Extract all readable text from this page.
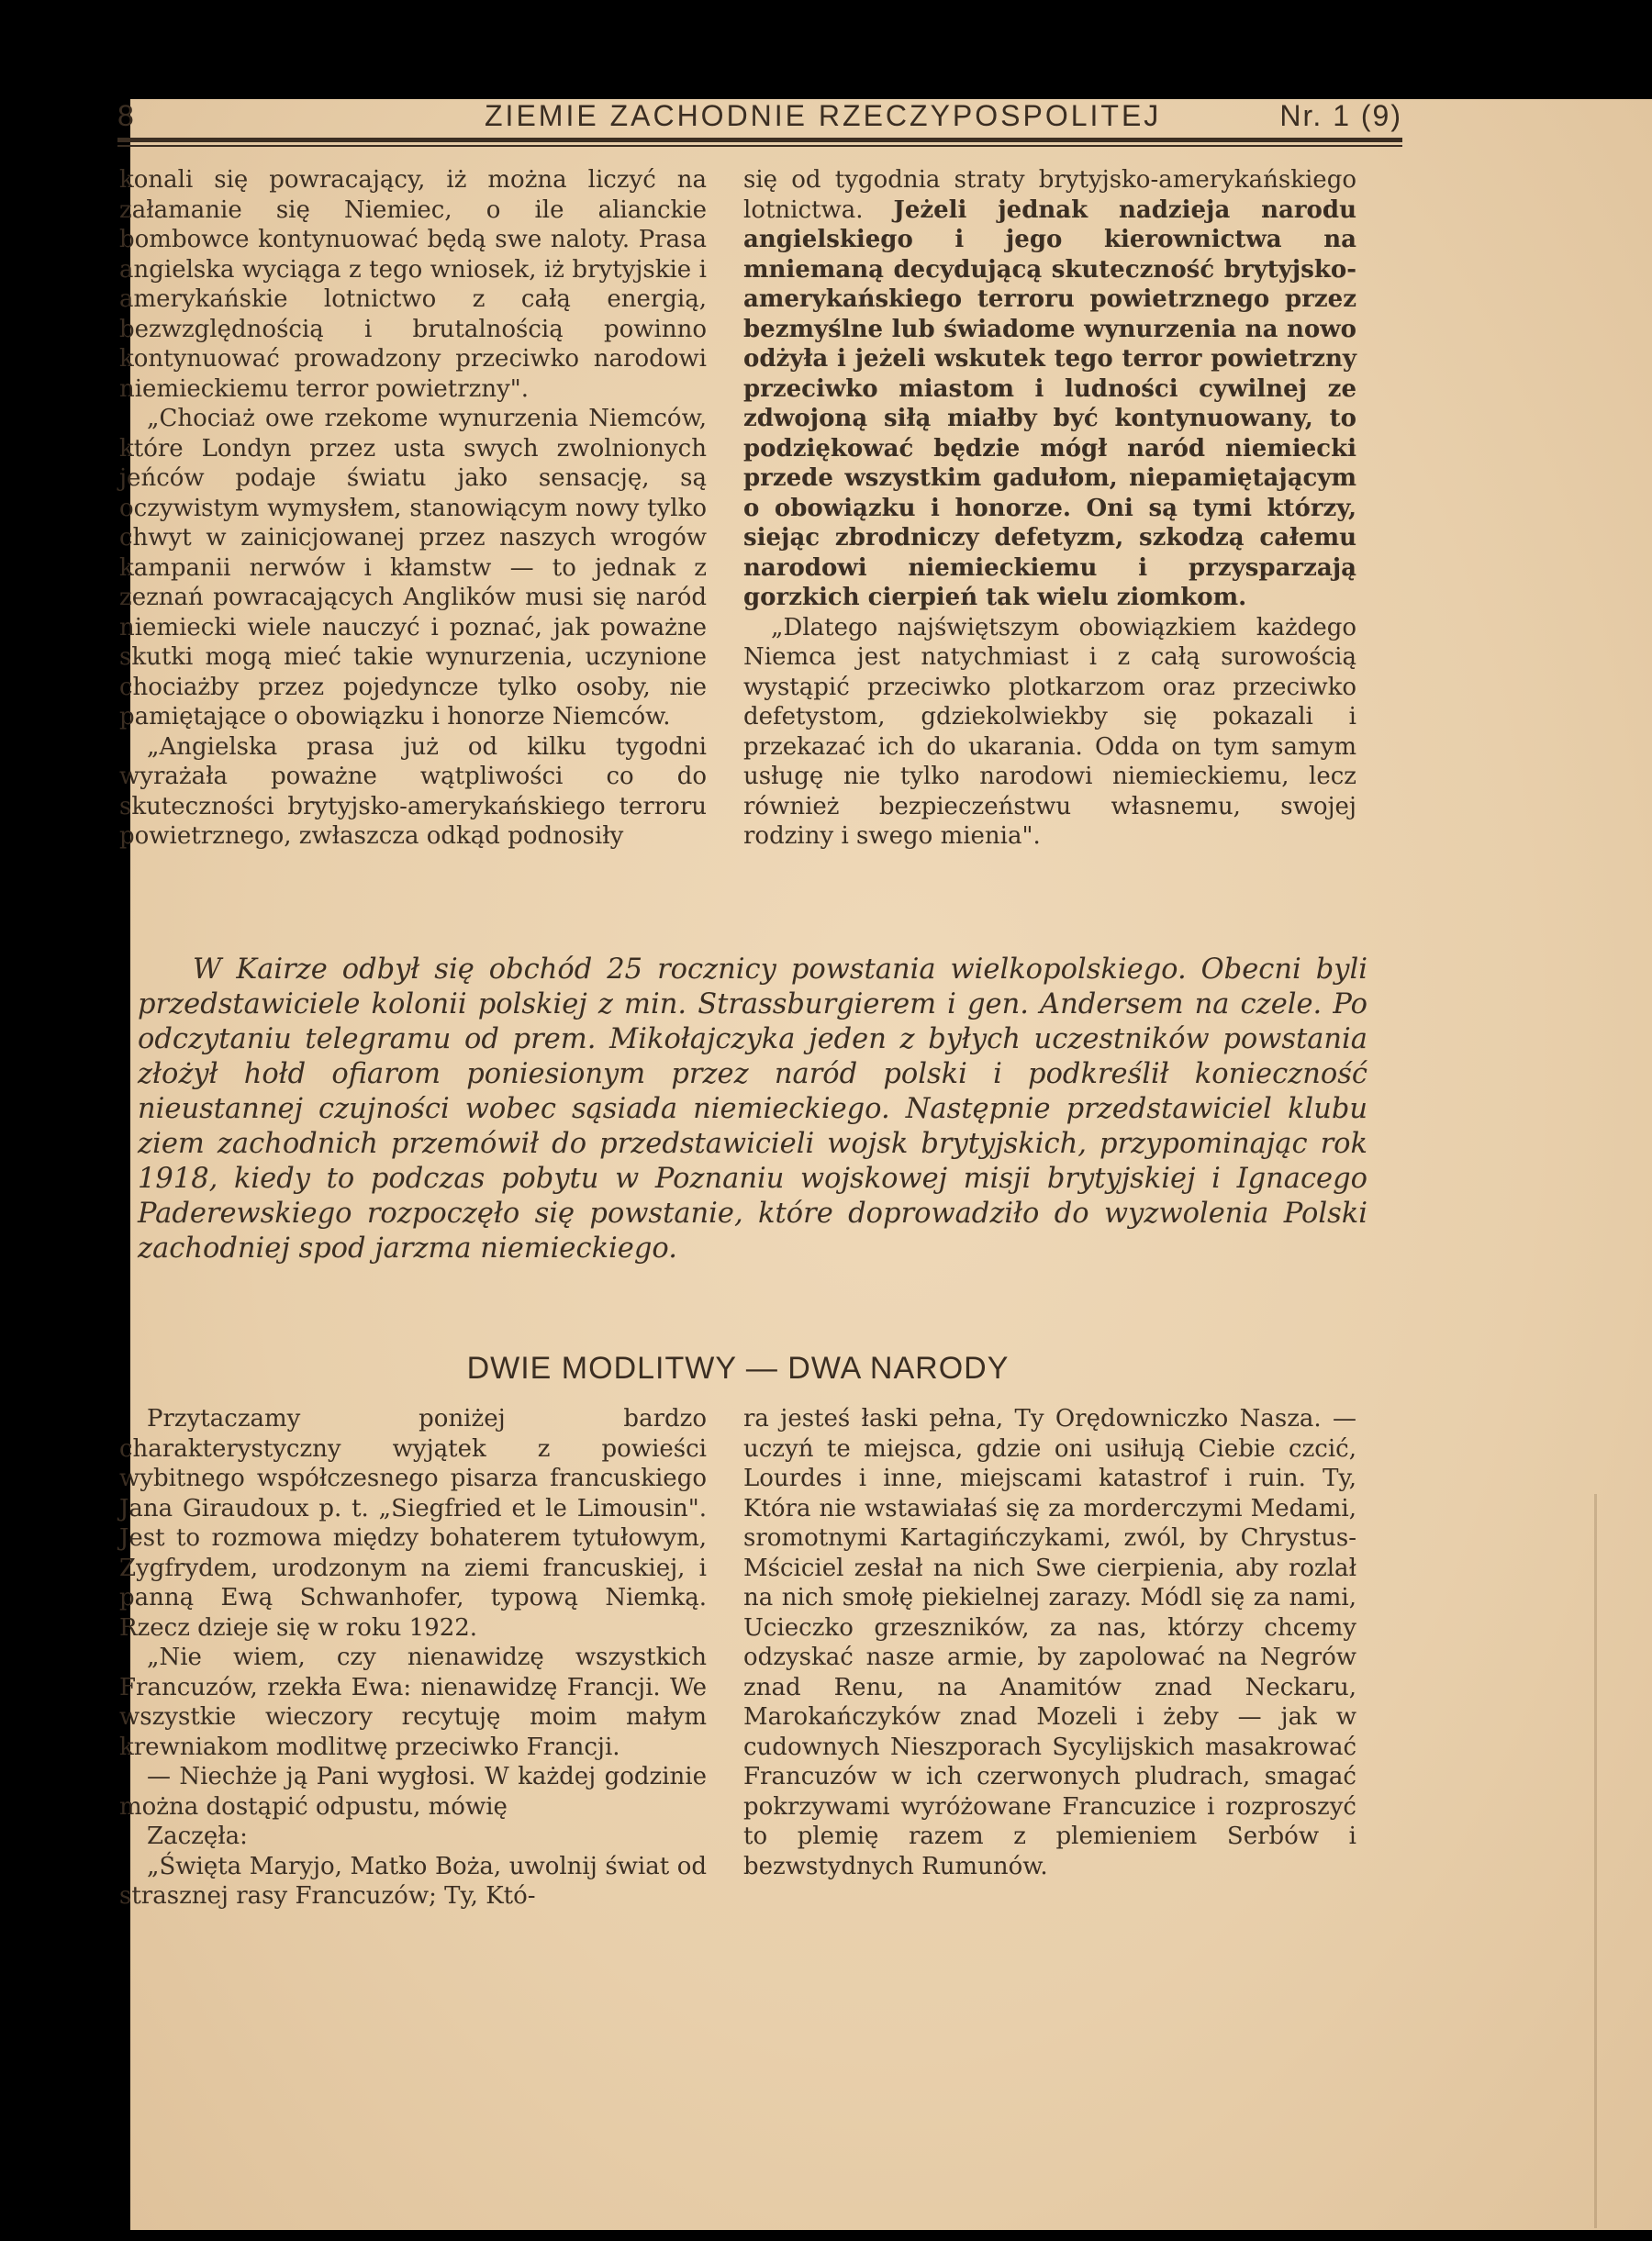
8	ZIEMIE ZACHODNIE RZECZYPOSPOLITEJ	Nr. 1 (9)

konali się powracający, iż można liczyć na załamanie się Niemiec, o ile alianckie bombowce kontynuować będą swe naloty. Prasa angielska wyciąga z tego wniosek, iż brytyjskie i amerykańskie lotnictwo z całą energią, bezwzględnością i brutalnością powinno kontynuować prowadzony przeciwko narodowi niemieckiemu terror powietrzny".

„Chociaż owe rzekome wynurzenia Niemców, które Londyn przez usta swych zwolnionych jeńców podaje światu jako sensację, są oczywistym wymysłem, stanowiącym nowy tylko chwyt w zainicjowanej przez naszych wrogów kampanii nerwów i kłamstw — to jednak z zeznań powracających Anglików musi się naród niemiecki wiele nauczyć i poznać, jak poważne skutki mogą mieć takie wynurzenia, uczynione chociażby przez pojedyncze tylko osoby, nie pamiętające o obowiązku i honorze Niemców.

„Angielska prasa już od kilku tygodni wyrażała poważne wątpliwości co do skuteczności brytyjsko-amerykańskiego terroru powietrznego, zwłaszcza odkąd podnosiły

się od tygodnia straty brytyjsko-amerykańskiego lotnictwa. Jeżeli jednak nadzieja narodu angielskiego i jego kierownictwa na mniemaną decydującą skuteczność brytyjsko-amerykańskiego terroru powietrznego przez bezmyślne lub świadome wynurzenia na nowo odżyła i jeżeli wskutek tego terror powietrzny przeciwko miastom i ludności cywilnej ze zdwojoną siłą miałby być kontynuowany, to podziękować będzie mógł naród niemiecki przede wszystkim gadułom, niepamiętającym o obowiązku i honorze. Oni są tymi którzy, siejąc zbrodniczy defetyzm, szkodzą całemu narodowi niemieckiemu i przysparzają gorzkich cierpień tak wielu ziomkom.

„Dlatego najświętszym obowiązkiem każdego Niemca jest natychmiast i z całą surowością wystąpić przeciwko plotkarzom oraz przeciwko defetystom, gdziekolwiekby się pokazali i przekazać ich do ukarania. Odda on tym samym usługę nie tylko narodowi niemieckiemu, lecz również bezpieczeństwu własnemu, swojej rodziny i swego mienia".

W Kairze odbył się obchód 25 rocznicy powstania wielkopolskiego. Obecni byli przedstawiciele kolonii polskiej z min. Strassburgierem i gen. Andersem na czele. Po odczytaniu telegramu od prem. Mikołajczyka jeden z byłych uczestników powstania złożył hołd ofiarom poniesionym przez naród polski i podkreślił konieczność nieustannej czujności wobec sąsiada niemieckiego. Następnie przedstawiciel klubu ziem zachodnich przemówił do przedstawicieli wojsk brytyjskich, przypominając rok 1918, kiedy to podczas pobytu w Poznaniu wojskowej misji brytyjskiej i Ignacego Paderewskiego rozpoczęło się powstanie, które doprowadziło do wyzwolenia Polski zachodniej spod jarzma niemieckiego.

DWIE MODLITWY — DWA NARODY

Przytaczamy poniżej bardzo charakterystyczny wyjątek z powieści wybitnego współczesnego pisarza francuskiego Jana Giraudoux p. t. „Siegfried et le Limousin". Jest to rozmowa między bohaterem tytułowym, Zygfrydem, urodzonym na ziemi francuskiej, i panną Ewą Schwanhofer, typową Niemką. Rzecz dzieje się w roku 1922.

„Nie wiem, czy nienawidzę wszystkich Francuzów, rzekła Ewa: nienawidzę Francji. We wszystkie wieczory recytuję moim małym krewniakom modlitwę przeciwko Francji.

— Niechże ją Pani wygłosi. W każdej godzinie można dostąpić odpustu, mówię

Zaczęła:

„Święta Maryjo, Matko Boża, uwolnij świat od strasznej rasy Francuzów; Ty, Któ-

ra jesteś łaski pełna, Ty Orędowniczko Nasza. — uczyń te miejsca, gdzie oni usiłują Ciebie czcić, Lourdes i inne, miejscami katastrof i ruin. Ty, Która nie wstawiałaś się za morderczymi Medami, sromotnymi Kartagińczykami, zwól, by Chrystus-Mściciel zesłał na nich Swe cierpienia, aby rozlał na nich smołę piekielnej zarazy. Módl się za nami, Ucieczko grzeszników, za nas, którzy chcemy odzyskać nasze armie, by zapolować na Negrów znad Renu, na Anamitów znad Neckaru, Marokańczyków znad Mozeli i żeby — jak w cudownych Nieszporach Sycylijskich masakrować Francuzów w ich czerwonych pludrach, smagać pokrzywami wyróżowane Francuzice i rozproszyć to plemię razem z plemieniem Serbów i bezwstydnych Rumunów.
